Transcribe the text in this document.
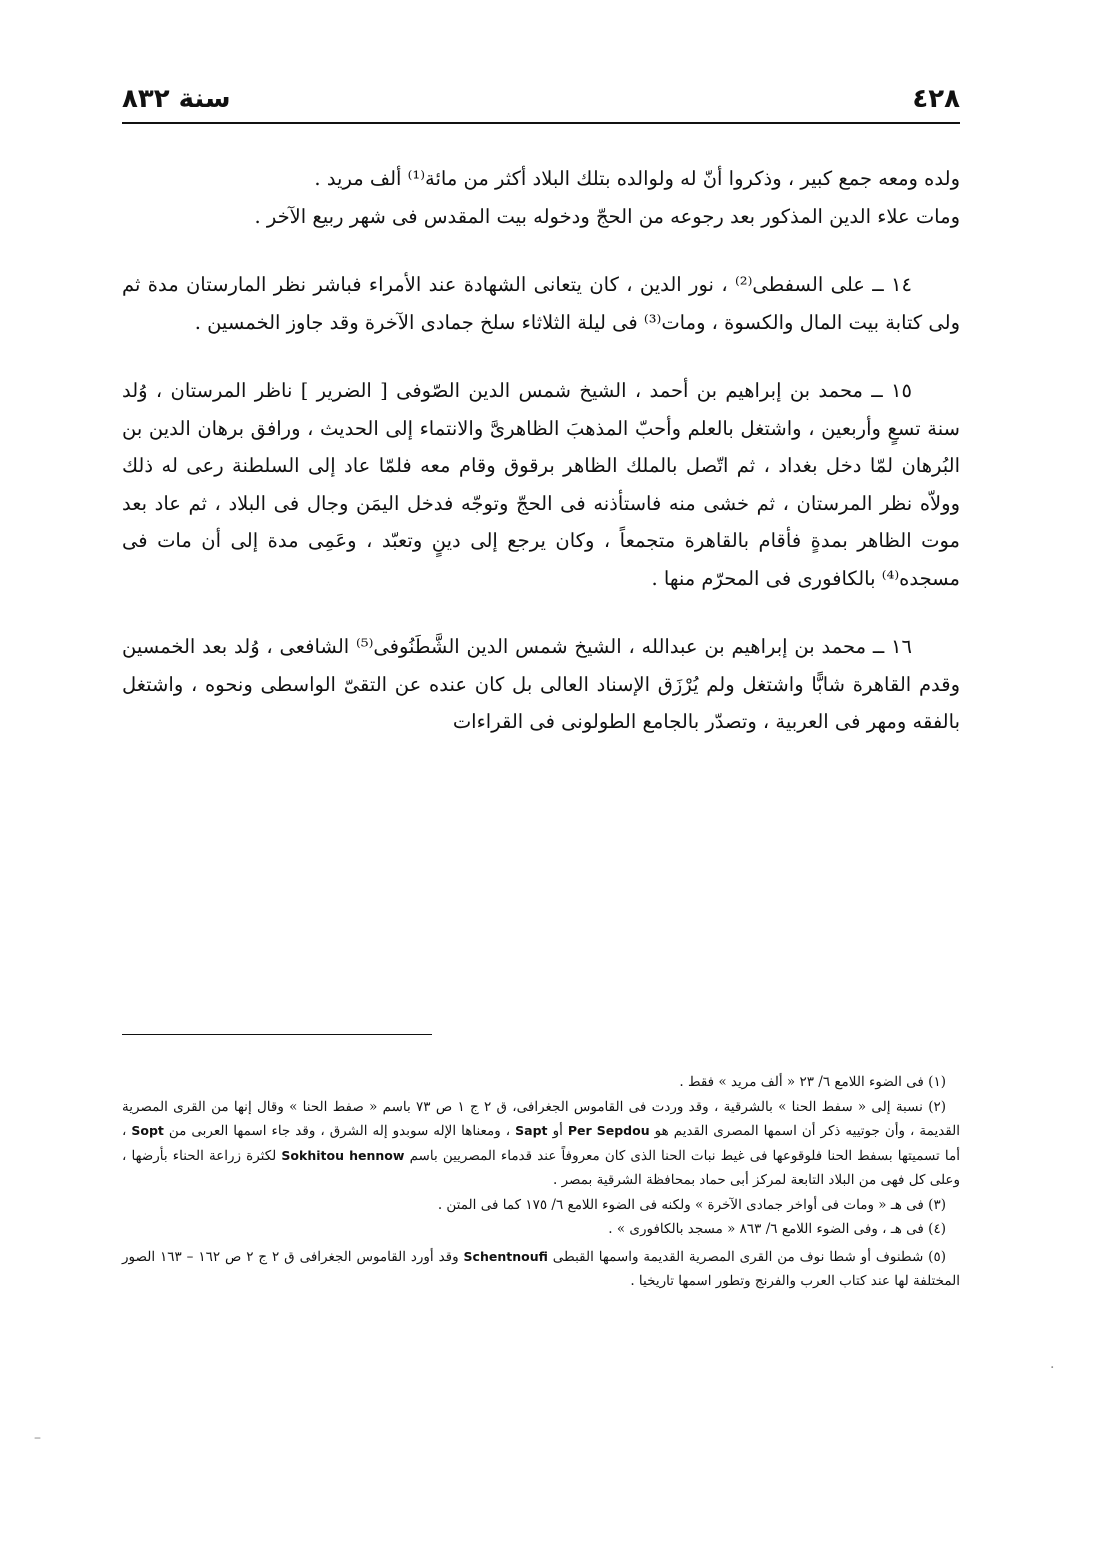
٤٢٨
سنة ٨٣٢

ولده ومعه جمع كبير ، وذكروا أنّ له ولوالده بتلك البلاد أكثر من مائة⁽¹⁾ ألف مريد .

ومات علاء الدين المذكور بعد رجوعه من الحجّ ودخوله بيت المقدس فى شهر ربيع الآخر .

١٤ ــ على السفطى⁽²⁾ ، نور الدين ، كان يتعانى الشهادة عند الأمراء فباشر نظر المارستان مدة ثم ولى كتابة بيت المال والكسوة ، ومات⁽³⁾ فى ليلة الثلاثاء سلخ جمادى الآخرة وقد جاوز الخمسين .

١٥ ــ محمد بن إبراهيم بن أحمد ، الشيخ شمس الدين الصّوفى [ الضرير ] ناظر المرستان ، وُلد سنة تسعٍ وأربعين ، واشتغل بالعلم وأحبّ المذهبَ الظاهرىَّ والانتماء إلى الحديث ، ورافق برهان الدين بن البُرهان لمّا دخل بغداد ، ثم اتّصل بالملك الظاهر برقوق وقام معه فلمّا عاد إلى السلطنة رعى له ذلك وولاّه نظر المرستان ، ثم خشى منه فاستأذنه فى الحجّ وتوجّه فدخل اليمَن وجال فى البلاد ، ثم عاد بعد موت الظاهر بمدةٍ فأقام بالقاهرة متجمعاً ، وكان يرجع إلى دينٍ وتعبّد ، وعَمِى مدة إلى أن مات فى مسجده⁽⁴⁾ بالكافورى فى المحرّم منها .

١٦ ــ محمد بن إبراهيم بن عبدالله ، الشيخ شمس الدين الشَّطَنُوفى⁽⁵⁾ الشافعى ، وُلد بعد الخمسين وقدم القاهرة شابًّا واشتغل ولم يُرْزَق الإسناد العالى بل كان عنده عن التقىّ الواسطى ونحوه ، واشتغل بالفقه ومهر فى العربية ، وتصدّر بالجامع الطولونى فى القراءات

(١) فى الضوء اللامع ٦/ ٢٣ « ألف مريد » فقط .

(٢) نسبة إلى « سفط الحنا » بالشرقية ، وقد وردت فى القاموس الجغرافى، ق ٢ ج ١ ص ٧٣ باسم « صفط الحنا » وقال إنها من القرى المصرية القديمة ، وأن جوتييه ذكر أن اسمها المصرى القديم هو Per Sepdou أو Sapt ، ومعناها الإله سوبدو إله الشرق ، وقد جاء اسمها العربى من Sopt ، أما تسميتها بسفط الحنا فلوقوعها فى غيط نبات الحنا الذى كان معروفاً عند قدماء المصريين باسم Sokhitou hennow لكثرة زراعة الحناء بأرضها ، وعلى كل فهى من البلاد التابعة لمركز أبى حماد بمحافظة الشرقية بمصر .

(٣) فى هـ « ومات فى أواخر جمادى الآخرة » ولكنه فى الضوء اللامع ٦/ ١٧٥ كما فى المتن .

(٤) فى هـ ، وفى الضوء اللامع ٦/ ٨٦٣ « مسجد بالكافورى » .

(٥) شطنوف أو شطا نوف من القرى المصرية القديمة واسمها القبطى Schentnoufi وقد أورد القاموس الجغرافى ق ٢ ج ٢ ص ١٦٢ – ١٦٣ الصور المختلفة لها عند كتاب العرب والفرنج وتطور اسمها تاريخيا .

·
–
